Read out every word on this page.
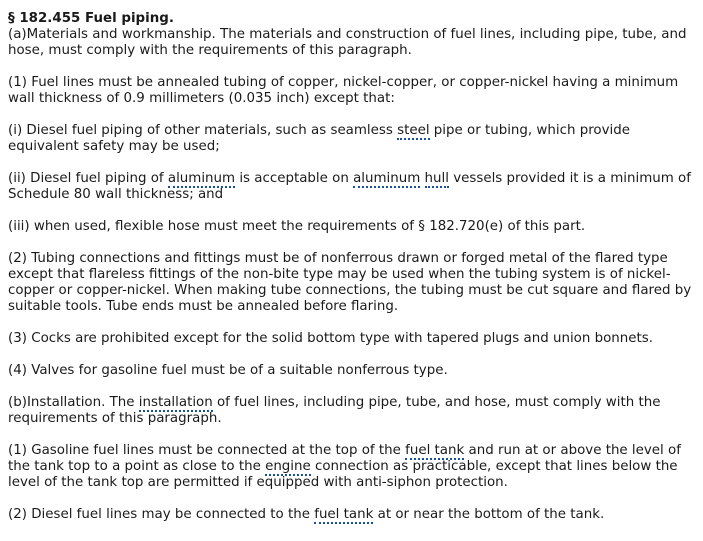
§ 182.455 Fuel piping.

(a)Materials and workmanship. The materials and construction of fuel lines, including pipe, tube, and hose, must comply with the requirements of this paragraph.

(1) Fuel lines must be annealed tubing of copper, nickel-copper, or copper-nickel having a minimum wall thickness of 0.9 millimeters (0.035 inch) except that:

(i) Diesel fuel piping of other materials, such as seamless steel pipe or tubing, which provide equivalent safety may be used;

(ii) Diesel fuel piping of aluminum is acceptable on aluminum hull vessels provided it is a minimum of Schedule 80 wall thickness; and

(iii) when used, flexible hose must meet the requirements of § 182.720(e) of this part.

(2) Tubing connections and fittings must be of nonferrous drawn or forged metal of the flared type except that flareless fittings of the non-bite type may be used when the tubing system is of nickel-copper or copper-nickel. When making tube connections, the tubing must be cut square and flared by suitable tools. Tube ends must be annealed before flaring.

(3) Cocks are prohibited except for the solid bottom type with tapered plugs and union bonnets.

(4) Valves for gasoline fuel must be of a suitable nonferrous type.

(b)Installation. The installation of fuel lines, including pipe, tube, and hose, must comply with the requirements of this paragraph.

(1) Gasoline fuel lines must be connected at the top of the fuel tank and run at or above the level of the tank top to a point as close to the engine connection as practicable, except that lines below the level of the tank top are permitted if equipped with anti-siphon protection.

(2) Diesel fuel lines may be connected to the fuel tank at or near the bottom of the tank.
